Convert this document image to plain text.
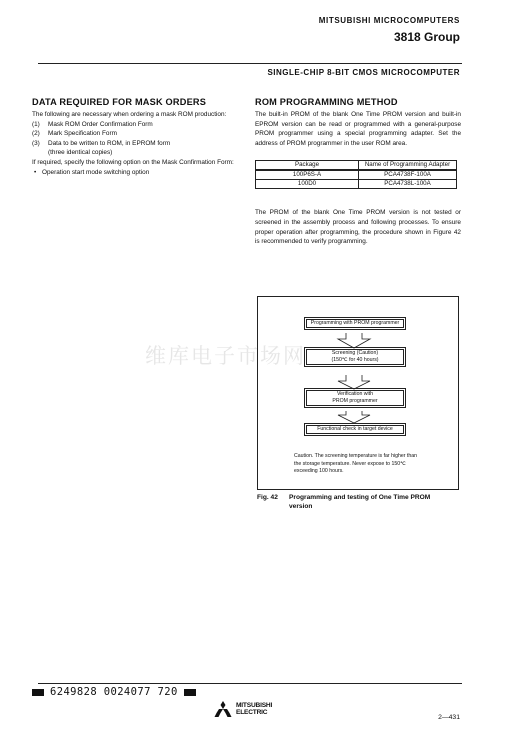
MITSUBISHI MICROCOMPUTERS
3818 Group
SINGLE-CHIP 8-BIT CMOS MICROCOMPUTER
维库电子市场网
DATA REQUIRED FOR MASK ORDERS

The following are necessary when ordering a mask ROM production:

(1)	Mask ROM Order Confirmation Form
(2)	Mark Specification Form
(3)	Data to be written to ROM, in EPROM form
(three identical copies)

If required, specify the following option on the Mask Confirmation Form:

• Operation start mode switching option
ROM PROGRAMMING METHOD

The built-in PROM of the blank One Time PROM version and built-in EPROM version can be read or programmed with a general-purpose PROM programmer using a special programming adapter. Set the address of PROM programmer in the user ROM area.

Package	Name of Programming Adapter
100P6S-A	PCA4738F-100A
100D0	PCA4738L-100A

The PROM of the blank One Time PROM version is not tested or screened in the assembly process and following processes. To ensure proper operation after programming, the procedure shown in Figure 42 is recommended to verify programming.

Programming with PROM programmer
Screening (Caution)
(150℃ for 40 hours)
Verification with
PROM programmer
Functional check in target device
Caution. The screening temperature is far higher than the storage temperature. Never expose to 150℃ exceeding 100 hours.
Fig. 42 Programming and testing of One Time PROM
version
6249828 0024077 720
MITSUBISHI
ELECTRIC
2—431
